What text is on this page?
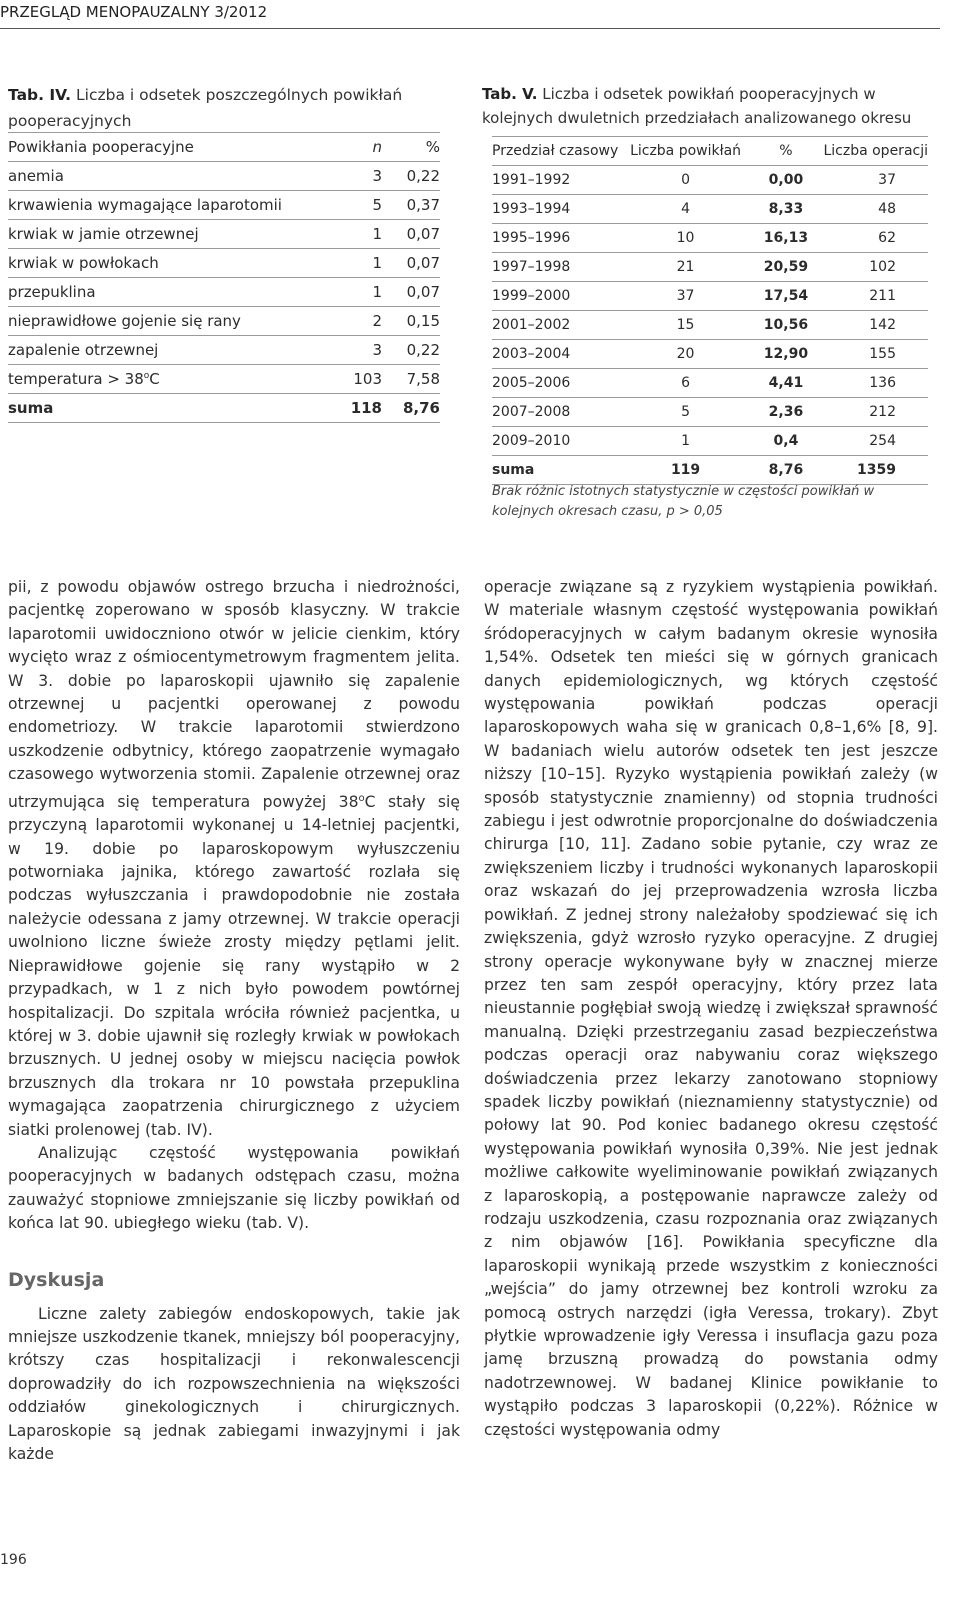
PRZEGLĄD MENOPAUZALNY 3/2012
Tab. IV. Liczba i odsetek poszczególnych powikłań pooperacyjnych
Powikłania pooperacyjne	n	%
anemia	3	0,22
krwawienia wymagające laparotomii	5	0,37
krwiak w jamie otrzewnej	1	0,07
krwiak w powłokach	1	0,07
przepuklina	1	0,07
nieprawidłowe gojenie się rany	2	0,15
zapalenie otrzewnej	3	0,22
temperatura > $38^oC$	103	7,58
suma	118	8,76
Tab. V. Liczba i odsetek powikłań pooperacyjnych w kolejnych dwuletnich przedziałach analizowanego okresu
Przedział czasowy	Liczba powikłań	%	Liczba operacji
1991–1992	0	0,00	37
1993–1994	4	8,33	48
1995–1996	10	16,13	62
1997–1998	21	20,59	102
1999–2000	37	17,54	211
2001–2002	15	10,56	142
2003–2004	20	12,90	155
2005–2006	6	4,41	136
2007–2008	5	2,36	212
2009–2010	1	0,4	254
suma	119	8,76	1359
Brak różnic istotnych statystycznie w częstości powikłań w kolejnych okresach czasu, p > 0,05

pii, z powodu objawów ostrego brzucha i niedrożności, pacjentkę zoperowano w sposób klasyczny. W trakcie laparotomii uwidoczniono otwór w jelicie cienkim, który wycięto wraz z ośmiocentymetrowym fragmentem jelita. W 3. dobie po laparoskopii ujawniło się zapalenie otrzewnej u pacjentki operowanej z powodu endometriozy. W trakcie laparotomii stwierdzono uszkodzenie odbytnicy, którego zaopatrzenie wymagało czasowego wytworzenia stomii. Zapalenie otrzewnej oraz utrzymująca się temperatura powyżej 38$^o$C stały się przyczyną laparotomii wykonanej u 14-letniej pacjentki, w 19. dobie po laparoskopowym wyłuszczeniu potworniaka jajnika, którego zawartość rozlała się podczas wyłuszczania i prawdopodobnie nie została należycie odessana z jamy otrzewnej. W trakcie operacji uwolniono liczne świeże zrosty między pętlami jelit. Nieprawidłowe gojenie się rany wystąpiło w 2 przypadkach, w 1 z nich było powodem powtórnej hospitalizacji. Do szpitala wróciła również pacjentka, u której w 3. dobie ujawnił się rozległy krwiak w powłokach brzusznych. U jednej osoby w miejscu nacięcia powłok brzusznych dla trokara nr 10 powstała przepuklina wymagająca zaopatrzenia chirurgicznego z użyciem siatki prolenowej (tab. IV).

Analizując częstość występowania powikłań pooperacyjnych w badanych odstępach czasu, można zauważyć stopniowe zmniejszanie się liczby powikłań od końca lat 90. ubiegłego wieku (tab. V).

Dyskusja

Liczne zalety zabiegów endoskopowych, takie jak mniejsze uszkodzenie tkanek, mniejszy ból pooperacyjny, krótszy czas hospitalizacji i rekonwalescencji doprowadziły do ich rozpowszechnienia na większości oddziałów ginekologicznych i chirurgicznych. Laparoskopie są jednak zabiegami inwazyjnymi i jak każde

operacje związane są z ryzykiem wystąpienia powikłań. W materiale własnym częstość występowania powikłań śródoperacyjnych w całym badanym okresie wynosiła 1,54%. Odsetek ten mieści się w górnych granicach danych epidemiologicznych, wg których częstość występowania powikłań podczas operacji laparoskopowych waha się w granicach 0,8–1,6% [8, 9]. W badaniach wielu autorów odsetek ten jest jeszcze niższy [10–15]. Ryzyko wystąpienia powikłań zależy (w sposób statystycznie znamienny) od stopnia trudności zabiegu i jest odwrotnie proporcjonalne do doświadczenia chirurga [10, 11]. Zadano sobie pytanie, czy wraz ze zwiększeniem liczby i trudności wykonanych laparoskopii oraz wskazań do jej przeprowadzenia wzrosła liczba powikłań. Z jednej strony należałoby spodziewać się ich zwiększenia, gdyż wzrosło ryzyko operacyjne. Z drugiej strony operacje wykonywane były w znacznej mierze przez ten sam zespół operacyjny, który przez lata nieustannie pogłębiał swoją wiedzę i zwiększał sprawność manualną. Dzięki przestrzeganiu zasad bezpieczeństwa podczas operacji oraz nabywaniu coraz większego doświadczenia przez lekarzy zanotowano stopniowy spadek liczby powikłań (nieznamienny statystycznie) od połowy lat 90. Pod koniec badanego okresu częstość występowania powikłań wynosiła 0,39%. Nie jest jednak możliwe całkowite wyeliminowanie powikłań związanych z laparoskopią, a postępowanie naprawcze zależy od rodzaju uszkodzenia, czasu rozpoznania oraz związanych z nim objawów [16]. Powikłania specyficzne dla laparoskopii wynikają przede wszystkim z konieczności „wejścia” do jamy otrzewnej bez kontroli wzroku za pomocą ostrych narzędzi (igła Veressa, trokary). Zbyt płytkie wprowadzenie igły Veressa i insuflacja gazu poza jamę brzuszną prowadzą do powstania odmy nadotrzewnowej. W badanej Klinice powikłanie to wystąpiło podczas 3 laparoskopii (0,22%). Różnice w częstości występowania odmy

196
